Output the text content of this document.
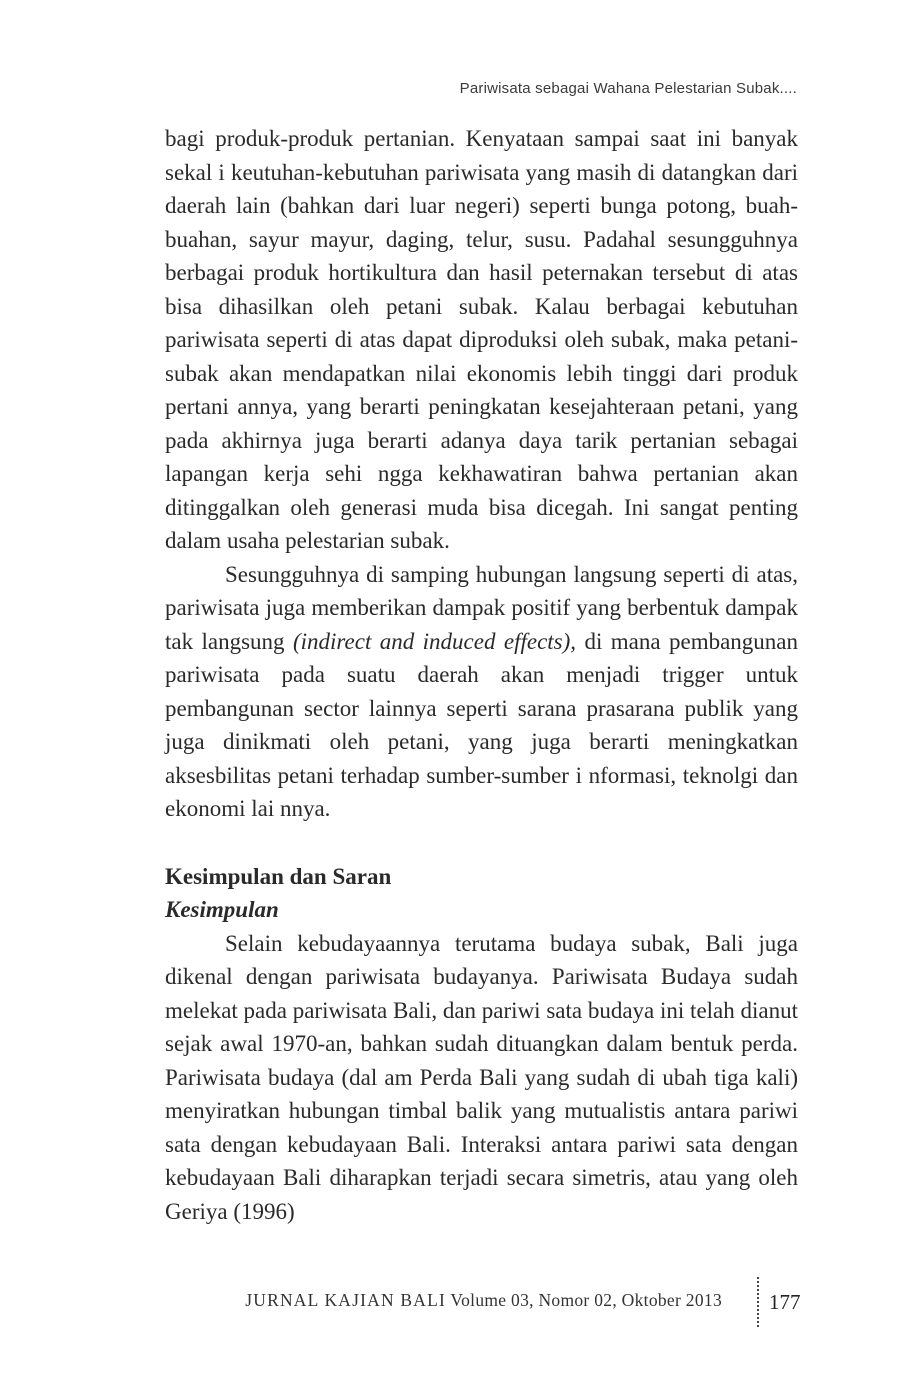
Pariwisata sebagai Wahana Pelestarian Subak....

bagi produk-produk pertanian. Kenyataan sampai saat ini banyak sekal i keutuhan-kebutuhan pariwisata yang masih di datangkan dari daerah lain (bahkan dari luar negeri) seperti bunga potong, buah-buahan, sayur mayur, daging, telur, susu. Padahal sesungguhnya berbagai produk hortikultura dan hasil peternakan tersebut di atas bisa dihasilkan oleh petani subak. Kalau berbagai kebutuhan pariwisata seperti di atas dapat diproduksi oleh subak, maka petani-subak akan mendapatkan nilai ekonomis lebih tinggi dari produk pertani annya, yang berarti peningkatan kesejahteraan petani, yang pada akhirnya juga berarti adanya daya tarik pertanian sebagai lapangan kerja sehi ngga kekhawatiran bahwa pertanian akan ditinggalkan oleh generasi muda bisa dicegah. Ini sangat penting dalam usaha pelestarian subak.

Sesungguhnya di samping hubungan langsung seperti di atas, pariwisata juga memberikan dampak positif yang berbentuk dampak tak langsung (indirect and induced effects), di mana pembangunan pariwisata pada suatu daerah akan menjadi trigger untuk pembangunan sector lainnya seperti sarana prasarana publik yang juga dinikmati oleh petani, yang juga berarti meningkatkan aksesbilitas petani terhadap sumber-sumber i nformasi, teknolgi dan ekonomi lai nnya.

Kesimpulan dan Saran
Kesimpulan

Selain kebudayaannya terutama budaya subak, Bali juga dikenal dengan pariwisata budayanya. Pariwisata Budaya sudah melekat pada pariwisata Bali, dan pariwi sata budaya ini telah dianut sejak awal 1970-an, bahkan sudah dituangkan dalam bentuk perda. Pariwisata budaya (dal am Perda Bali yang sudah di ubah tiga kali) menyiratkan hubungan timbal balik yang mutualistis antara pariwi sata dengan kebudayaan Bali. Interaksi antara pariwi sata dengan kebudayaan Bali diharapkan terjadi secara simetris, atau yang oleh Geriya (1996)

JURNAL KAJIAN BALI Volume 03, Nomor 02, Oktober 2013 177
